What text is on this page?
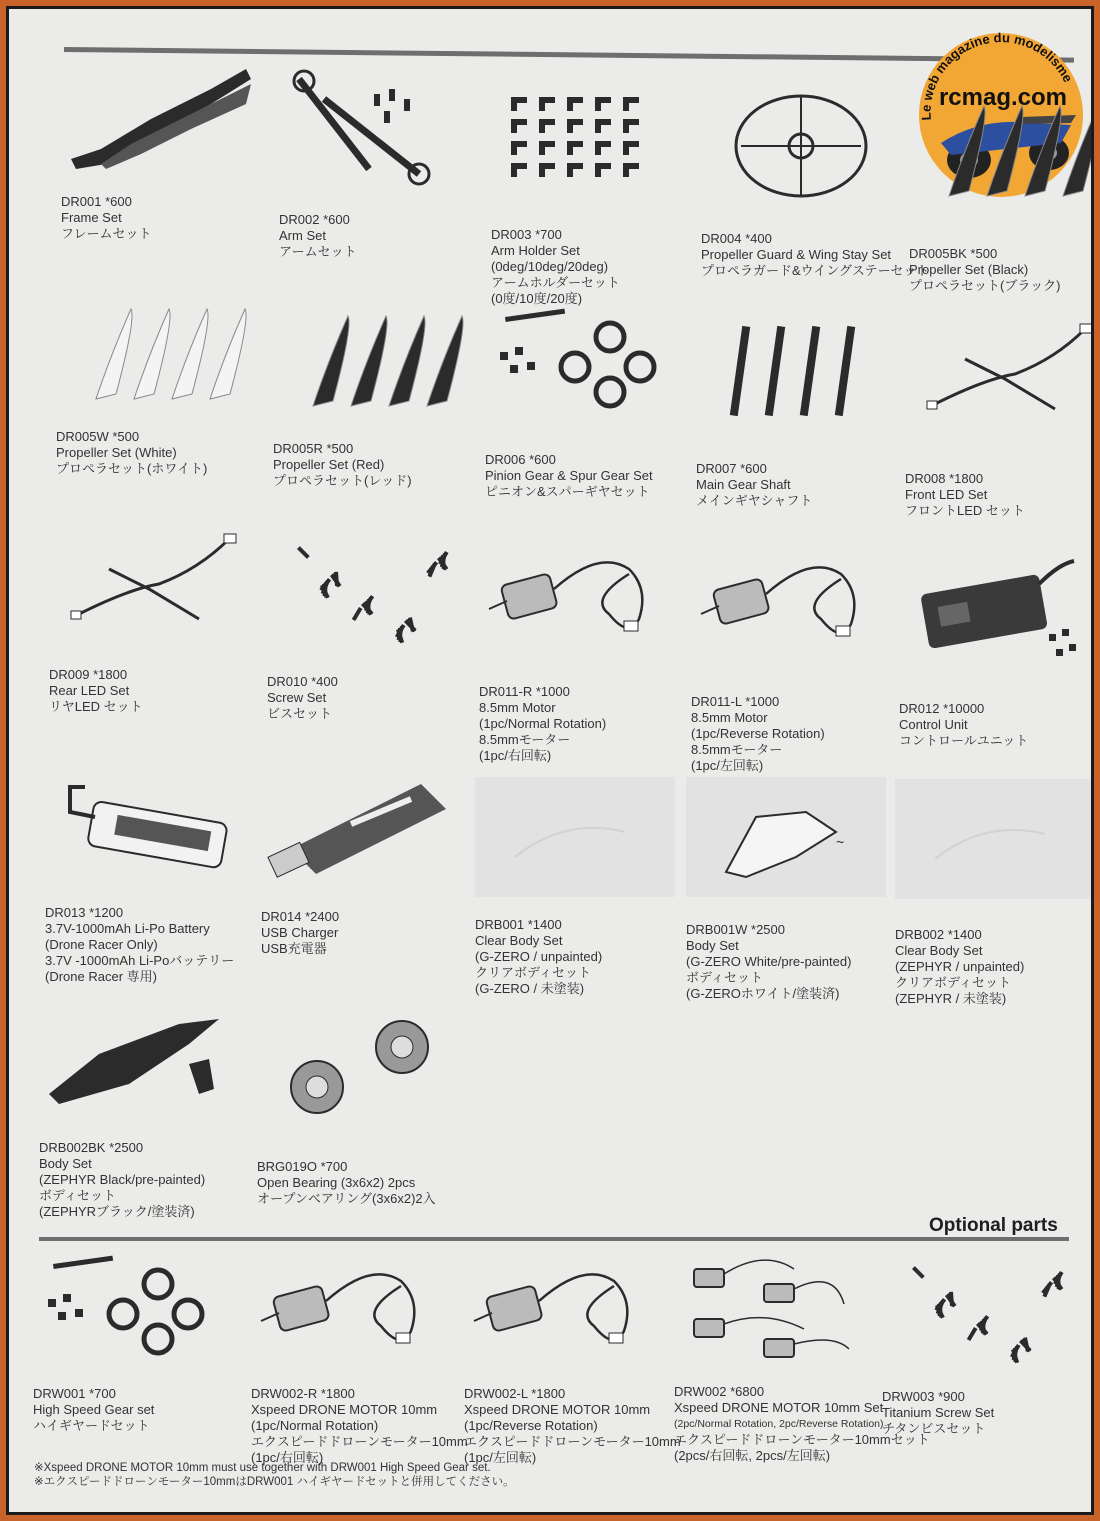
Le web magazine du modelisme
rcmag.com
DR001 *600
Frame Set
フレームセット
DR002 *600
Arm Set
アームセット
DR003 *700
Arm Holder Set
(0deg/10deg/20deg)
アームホルダーセット
(0度/10度/20度)
DR004 *400
Propeller Guard & Wing Stay Set
プロペラガード&ウイングステーセット
DR005BK *500
Propeller Set (Black)
プロペラセット(ブラック)
DR005W *500
Propeller Set (White)
プロペラセット(ホワイト)
DR005R *500
Propeller Set (Red)
プロペラセット(レッド)
DR006 *600
Pinion Gear & Spur Gear Set
ピニオン&スパーギヤセット
DR007 *600
Main Gear Shaft
メインギヤシャフト
DR008 *1800
Front LED Set
フロントLED セット
DR009 *1800
Rear LED Set
リヤLED セット
DR010 *400
Screw Set
ビスセット
DR011-R *1000
8.5mm Motor
(1pc/Normal Rotation)
8.5mmモーター
(1pc/右回転)
DR011-L *1000
8.5mm Motor
(1pc/Reverse Rotation)
8.5mmモーター
(1pc/左回転)
DR012 *10000
Control Unit
コントロールユニット
DR013 *1200
3.7V-1000mAh Li-Po Battery
(Drone Racer Only)
3.7V -1000mAh Li-Poバッテリー
(Drone Racer 専用)
DR014 *2400
USB Charger
USB充電器
DRB001 *1400
Clear Body Set
(G-ZERO / unpainted)
クリアボディセット
(G-ZERO / 未塗装)
~
DRB001W *2500
Body Set
(G-ZERO White/pre-painted)
ボディセット
(G-ZEROホワイト/塗装済)
DRB002 *1400
Clear Body Set
(ZEPHYR / unpainted)
クリアボディセット
(ZEPHYR / 未塗装)
DRB002BK *2500
Body Set
(ZEPHYR Black/pre-painted)
ボディセット
(ZEPHYRブラック/塗装済)
BRG019O *700
Open Bearing (3x6x2) 2pcs
オープンベアリング(3x6x2)2入
Optional parts
DRW001 *700
High Speed Gear set
ハイギヤードセット
DRW002-R *1800
Xspeed DRONE MOTOR 10mm
(1pc/Normal Rotation)
エクスピードドローンモーター10mm
(1pc/右回転)
DRW002-L *1800
Xspeed DRONE MOTOR 10mm
(1pc/Reverse Rotation)
エクスピードドローンモーター10mm
(1pc/左回転)
DRW002 *6800
Xspeed DRONE MOTOR 10mm Set
(2pc/Normal Rotation, 2pc/Reverse Rotation)
エクスピードドローンモーター10mmセット
(2pcs/右回転, 2pcs/左回転)
DRW003 *900
Titanium Screw Set
チタンビスセット
※Xspeed DRONE MOTOR 10mm must use together with DRW001 High Speed Gear set.
※エクスピードドローンモーター10mmはDRW001 ハイギヤードセットと併用してください。
